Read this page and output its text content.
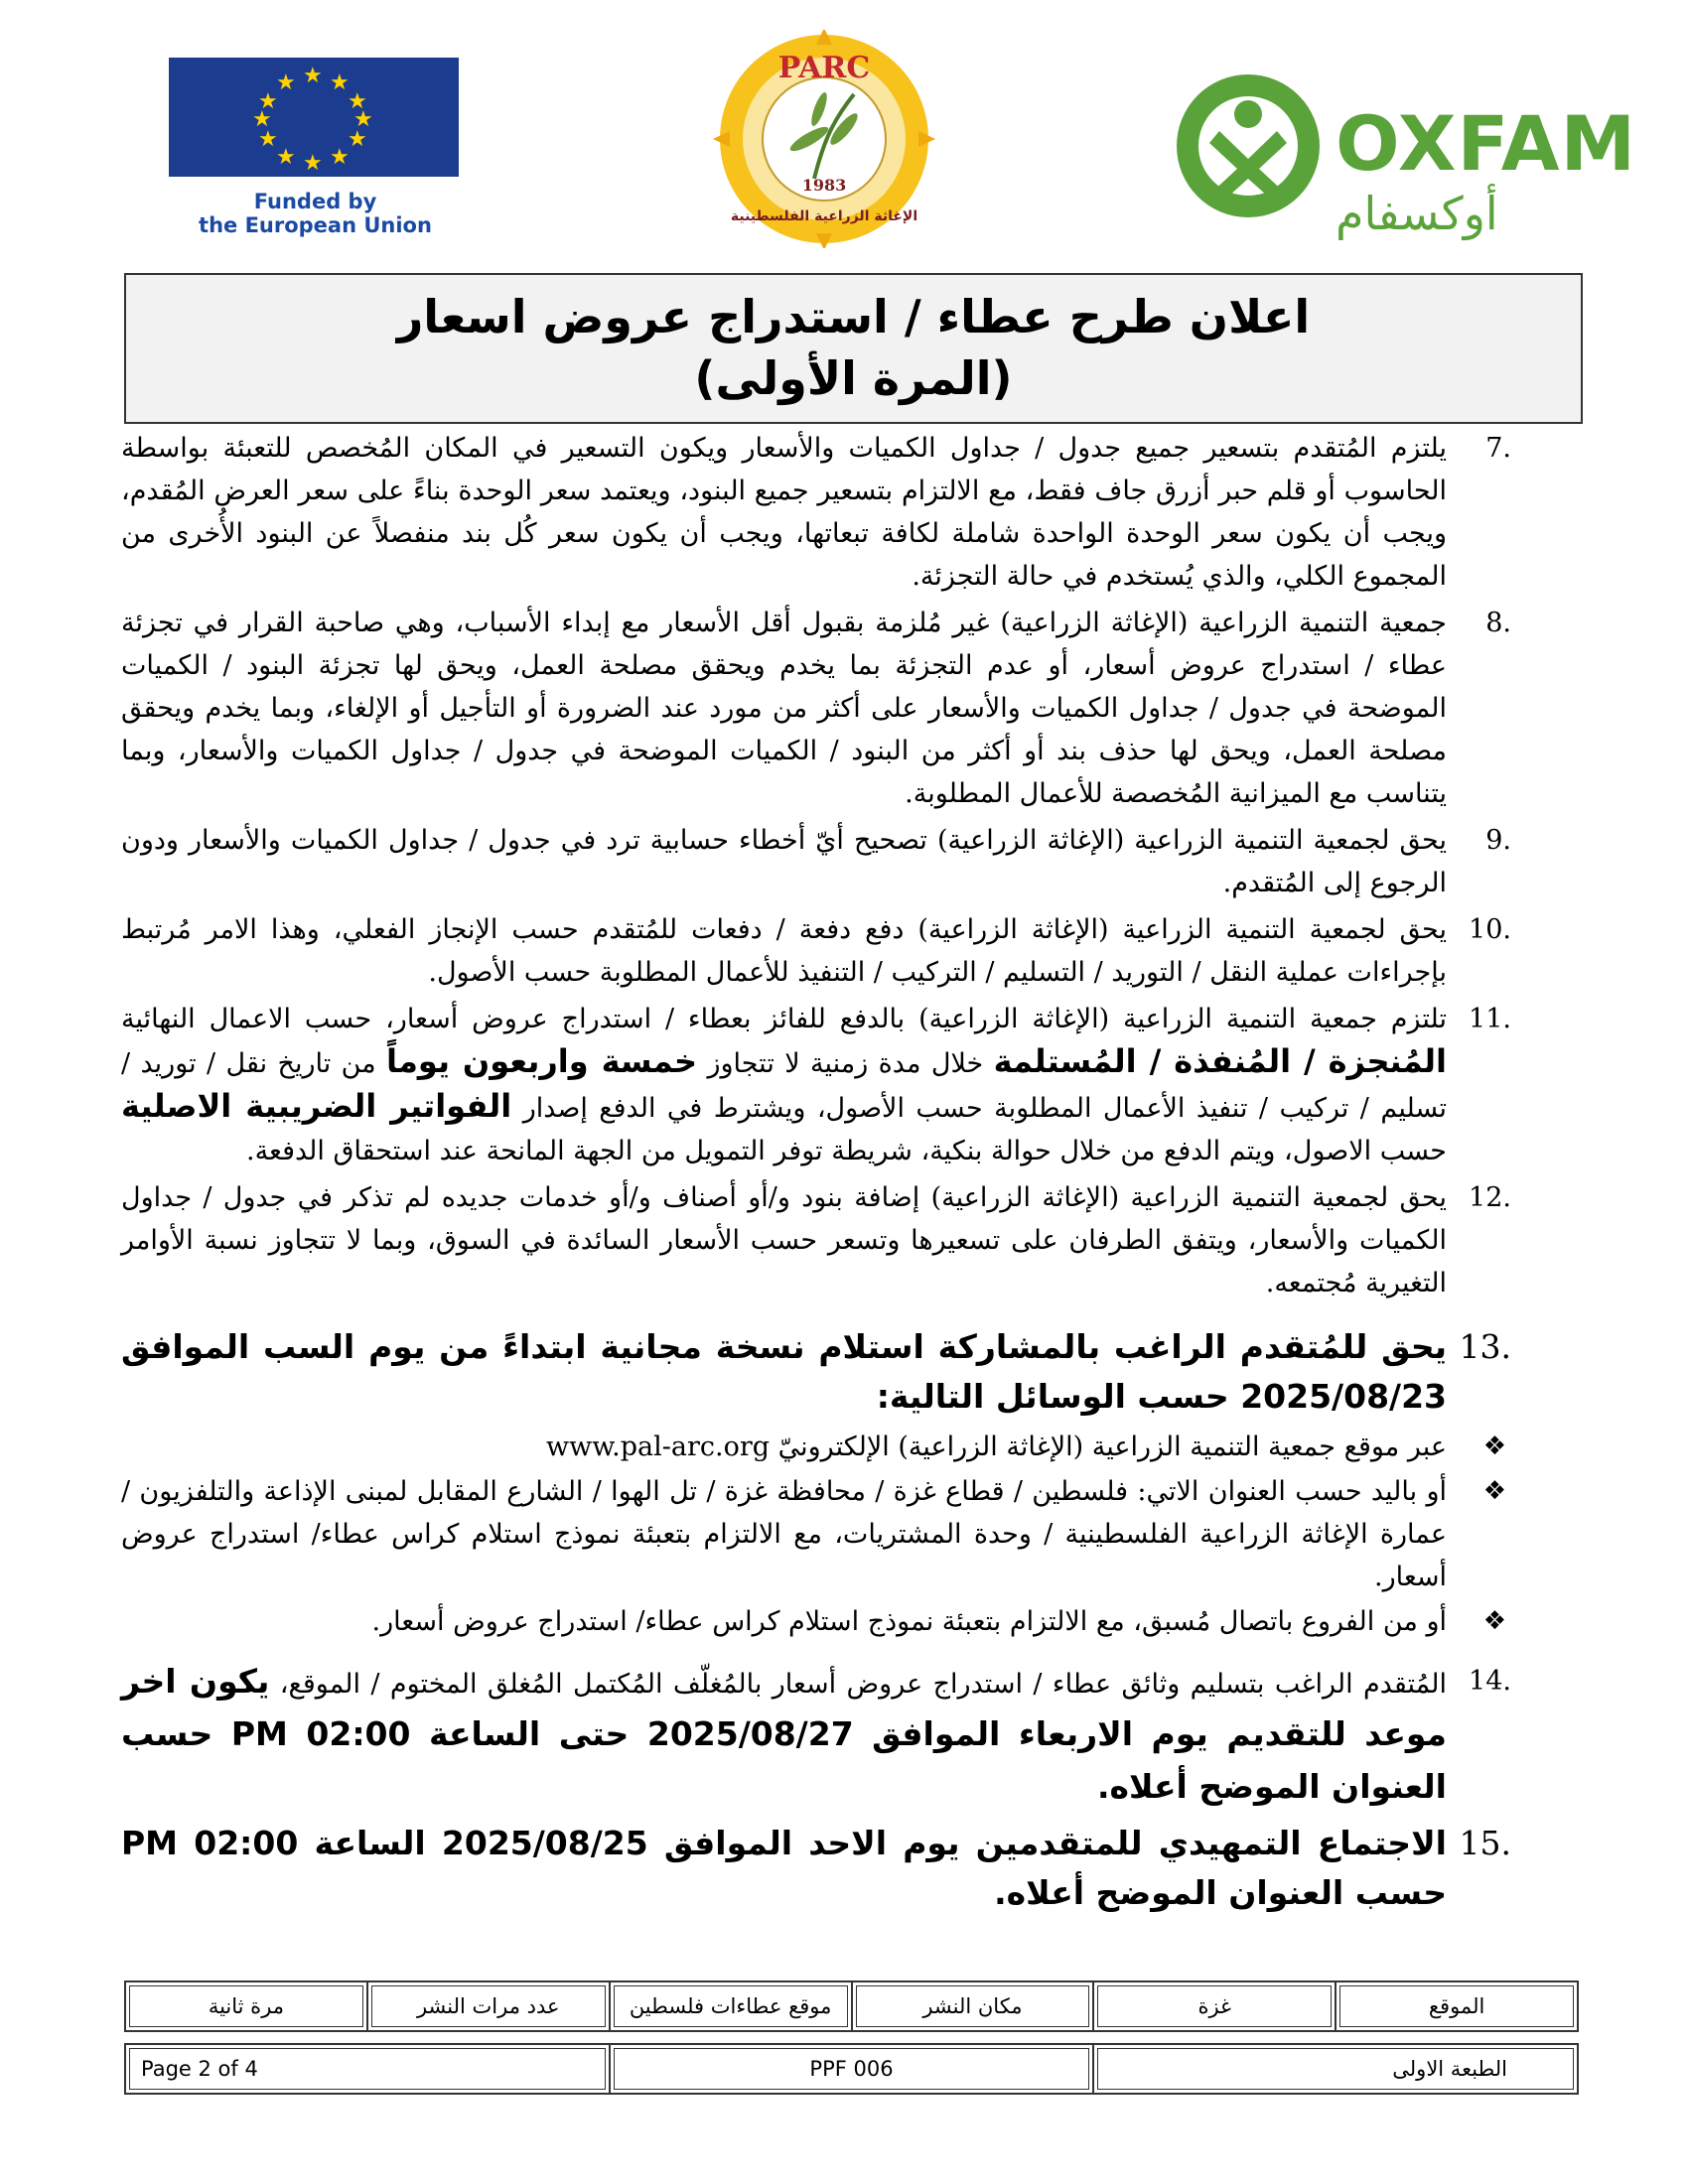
★ ★
★
★
★
★
★
★
★
★
★
★
Funded by
the European Union
PARC
1983
الإغاثة الزراعية الفلسطينية
OXFAM
أوكسفام
اعلان طرح عطاء / استدراج عروض اسعار
(المرة الأولى)
7.
يلتزم المُتقدم بتسعير جميع جدول / جداول الكميات والأسعار ويكون التسعير في المكان المُخصص للتعبئة بواسطة الحاسوب أو قلم حبر أزرق جاف فقط، مع الالتزام بتسعير جميع البنود، ويعتمد سعر الوحدة بناءً على سعر العرض المُقدم، ويجب أن يكون سعر الوحدة الواحدة شاملة لكافة تبعاتها، ويجب أن يكون سعر كُل بند منفصلاً عن البنود الأُخرى من المجموع الكلي، والذي يُستخدم في حالة التجزئة.
8.
جمعية التنمية الزراعية (الإغاثة الزراعية) غير مُلزمة بقبول أقل الأسعار مع إبداء الأسباب، وهي صاحبة القرار في تجزئة عطاء / استدراج عروض أسعار، أو عدم التجزئة بما يخدم ويحقق مصلحة العمل، ويحق لها تجزئة البنود / الكميات الموضحة في جدول / جداول الكميات والأسعار على أكثر من مورد عند الضرورة أو التأجيل أو الإلغاء، وبما يخدم ويحقق مصلحة العمل، ويحق لها حذف بند أو أكثر من البنود / الكميات الموضحة في جدول / جداول الكميات والأسعار، وبما يتناسب مع الميزانية المُخصصة للأعمال المطلوبة.
9.
يحق لجمعية التنمية الزراعية (الإغاثة الزراعية) تصحيح أيّ أخطاء حسابية ترد في جدول / جداول الكميات والأسعار ودون الرجوع إلى المُتقدم.
10.
يحق لجمعية التنمية الزراعية (الإغاثة الزراعية) دفع دفعة / دفعات للمُتقدم حسب الإنجاز الفعلي، وهذا الامر مُرتبط بإجراءات عملية النقل / التوريد / التسليم / التركيب / التنفيذ للأعمال المطلوبة حسب الأصول.
11.
تلتزم جمعية التنمية الزراعية (الإغاثة الزراعية) بالدفع للفائز بعطاء / استدراج عروض أسعار، حسب الاعمال النهائية المُنجزة / المُنفذة / المُستلمة خلال مدة زمنية لا تتجاوز خمسة واربعون يوماً من تاريخ نقل / توريد / تسليم / تركيب / تنفيذ الأعمال المطلوبة حسب الأصول، ويشترط في الدفع إصدار الفواتير الضريبية الاصلية حسب الاصول، ويتم الدفع من خلال حوالة بنكية، شريطة توفر التمويل من الجهة المانحة عند استحقاق الدفعة.
12.
يحق لجمعية التنمية الزراعية (الإغاثة الزراعية) إضافة بنود و/أو أصناف و/أو خدمات جديده لم تذكر في جدول / جداول الكميات والأسعار، ويتفق الطرفان على تسعيرها وتسعر حسب الأسعار السائدة في السوق، وبما لا تتجاوز نسبة الأوامر التغيرية مُجتمعه.
13.
يحق للمُتقدم الراغب بالمشاركة استلام نسخة مجانية ابتداءً من يوم السب الموافق 2025/08/23 حسب الوسائل التالية:
❖
عبر موقع جمعية التنمية الزراعية (الإغاثة الزراعية) الإلكترونيّ www.pal-arc.org
❖
أو باليد حسب العنوان الاتي: فلسطين / قطاع غزة / محافظة غزة / تل الهوا / الشارع المقابل لمبنى الإذاعة والتلفزيون / عمارة الإغاثة الزراعية الفلسطينية / وحدة المشتريات، مع الالتزام بتعبئة نموذج استلام كراس عطاء/ استدراج عروض أسعار.
❖
أو من الفروع باتصال مُسبق، مع الالتزام بتعبئة نموذج استلام كراس عطاء/ استدراج عروض أسعار.
14.
المُتقدم الراغب بتسليم وثائق عطاء / استدراج عروض أسعار بالمُغلّف المُكتمل المُغلق المختوم / الموقع، يكون اخر موعد للتقديم يوم الاربعاء الموافق 2025/08/27 حتى الساعة 02:00 PM حسب العنوان الموضح أعلاه.
15.
الاجتماع التمهيدي للمتقدمين يوم الاحد الموافق 2025/08/25 الساعة 02:00 PM حسب العنوان الموضح أعلاه.
الموقع	غزة	مكان النشر	موقع عطاءات فلسطين	عدد مرات النشر	مرة ثانية
الطبعة الاولى	PPF 006	Page 2 of 4
